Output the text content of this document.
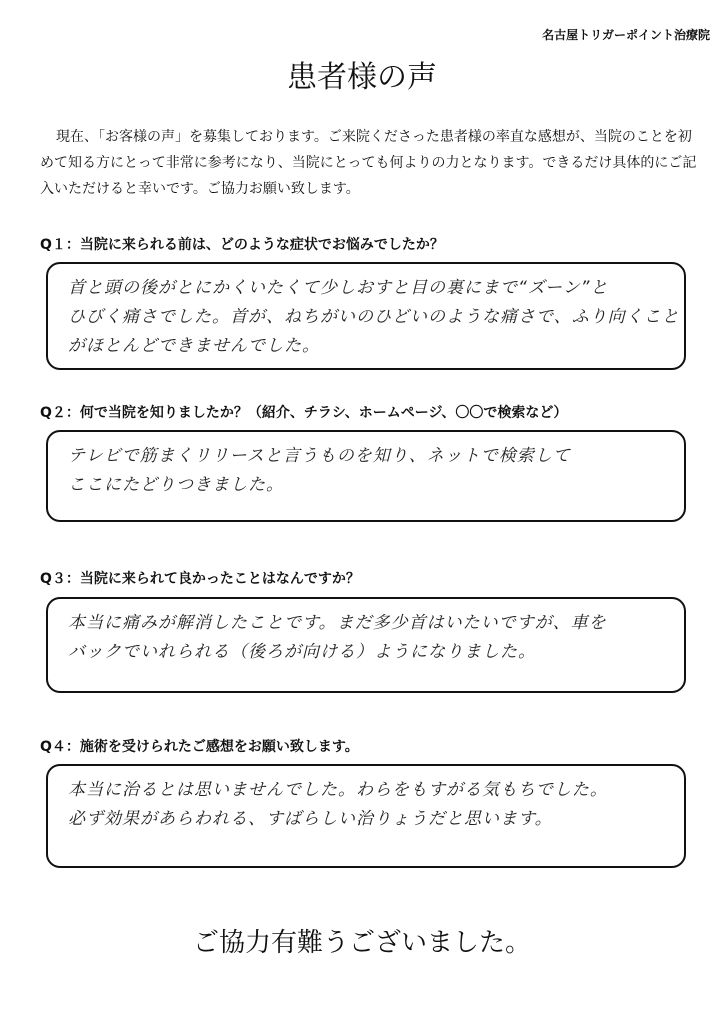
名古屋トリガーポイント治療院
患者様の声
現在、「お客様の声」を募集しております。ご来院くださった患者様の率直な感想が、当院のことを初めて知る方にとって非常に参考になり、当院にとっても何よりの力となります。できるだけ具体的にご記入いただけると幸いです。ご協力お願い致します。
Q１：当院に来られる前は、どのような症状でお悩みでしたか？
首と頭の後がとにかくいたくて少しおすと目の裏にまで“ズーン”と
ひびく痛さでした。首が、ねちがいのひどいのような痛さで、ふり向くこと
がほとんどできませんでした。
Q２：何で当院を知りましたか？（紹介、チラシ、ホームページ、〇〇で検索など）
テレビで筋まくリリースと言うものを知り、ネットで検索して
ここにたどりつきました。
Q３：当院に来られて良かったことはなんですか？
本当に痛みが解消したことです。まだ多少首はいたいですが、車を
バックでいれられる（後ろが向ける）ようになりました。
Q４：施術を受けられたご感想をお願い致します。
本当に治るとは思いませんでした。わらをもすがる気もちでした。
必ず効果があらわれる、すばらしい治りょうだと思います。
ご協力有難うございました。
